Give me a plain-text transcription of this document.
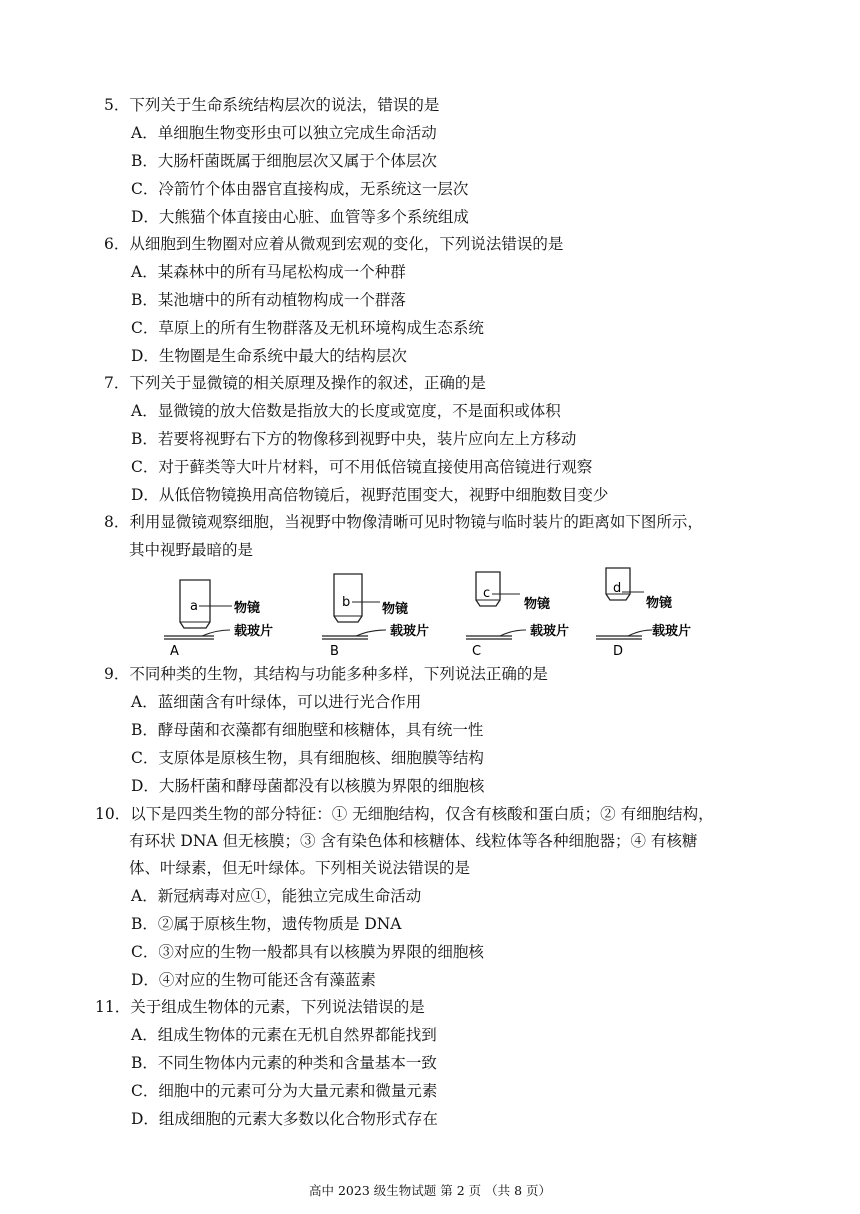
5．下列关于生命系统结构层次的说法，错误的是
A．单细胞生物变形虫可以独立完成生命活动
B．大肠杆菌既属于细胞层次又属于个体层次
C．冷箭竹个体由器官直接构成，无系统这一层次
D．大熊猫个体直接由心脏、血管等多个系统组成
6．从细胞到生物圈对应着从微观到宏观的变化，下列说法错误的是
A．某森林中的所有马尾松构成一个种群
B．某池塘中的所有动植物构成一个群落
C．草原上的所有生物群落及无机环境构成生态系统
D．生物圈是生命系统中最大的结构层次
7．下列关于显微镜的相关原理及操作的叙述，正确的是
A．显微镜的放大倍数是指放大的长度或宽度，不是面积或体积
B．若要将视野右下方的物像移到视野中央，装片应向左上方移动
C．对于藓类等大叶片材料，可不用低倍镜直接使用高倍镜进行观察
D．从低倍物镜换用高倍物镜后，视野范围变大，视野中细胞数目变少
8．利用显微镜观察细胞，当视野中物像清晰可见时物镜与临时装片的距离如下图所示，
其中视野最暗的是
a	物镜
载玻片
A
b 物镜
载玻片
B
c
物镜
载玻片
C
d
物镜
载玻片
D
9．不同种类的生物，其结构与功能多种多样，下列说法正确的是
A．蓝细菌含有叶绿体，可以进行光合作用
B．酵母菌和衣藻都有细胞壁和核糖体，具有统一性
C．支原体是原核生物，具有细胞核、细胞膜等结构
D．大肠杆菌和酵母菌都没有以核膜为界限的细胞核
10．以下是四类生物的部分特征：① 无细胞结构，仅含有核酸和蛋白质；② 有细胞结构，
有环状 DNA 但无核膜；③ 含有染色体和核糖体、线粒体等各种细胞器；④ 有核糖
体、叶绿素，但无叶绿体。下列相关说法错误的是
A．新冠病毒对应①，能独立完成生命活动
B．②属于原核生物，遗传物质是 DNA
C．③对应的生物一般都具有以核膜为界限的细胞核
D．④对应的生物可能还含有藻蓝素
11．关于组成生物体的元素，下列说法错误的是
A．组成生物体的元素在无机自然界都能找到
B．不同生物体内元素的种类和含量基本一致
C．细胞中的元素可分为大量元素和微量元素
D．组成细胞的元素大多数以化合物形式存在
高中 2023 级生物试题 第 2 页 （共 8 页）
